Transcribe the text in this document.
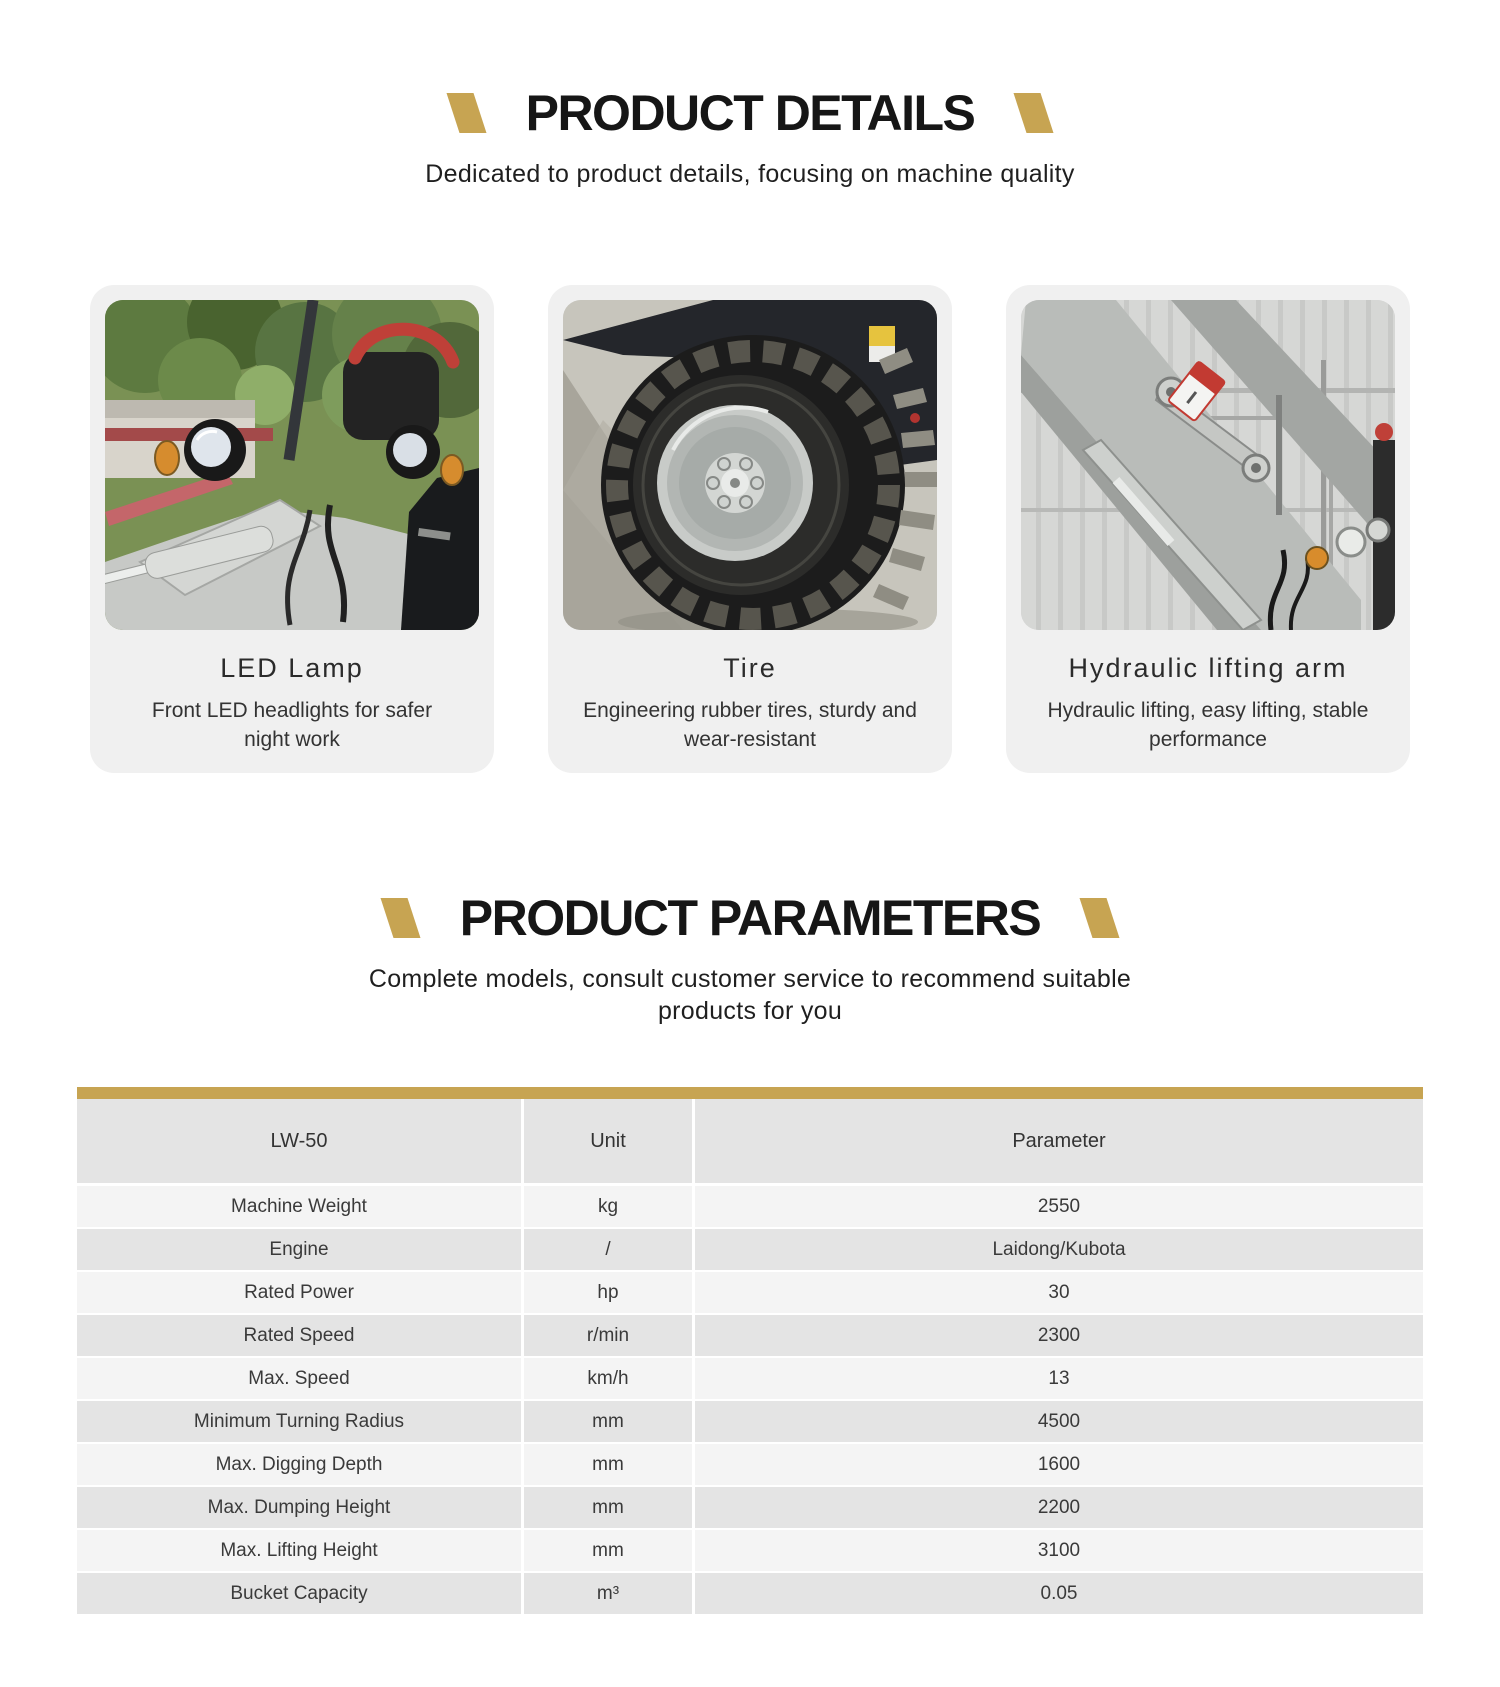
PRODUCT DETAILS
Dedicated to product details, focusing on machine quality
LED Lamp
Front LED headlights for safer night work
Tire
Engineering rubber tires, sturdy and wear-resistant
Hydraulic lifting arm
Hydraulic lifting, easy lifting, stable performance
PRODUCT PARAMETERS
Complete models, consult customer service to recommend suitable products for you
LW-50	Unit	Parameter
Machine Weight	kg	2550
Engine	/	Laidong/Kubota
Rated Power	hp	30
Rated Speed	r/min	2300
Max. Speed	km/h	13
Minimum Turning Radius	mm	4500
Max. Digging Depth	mm	1600
Max. Dumping Height	mm	2200
Max. Lifting Height	mm	3100
Bucket Capacity	m³	0.05
